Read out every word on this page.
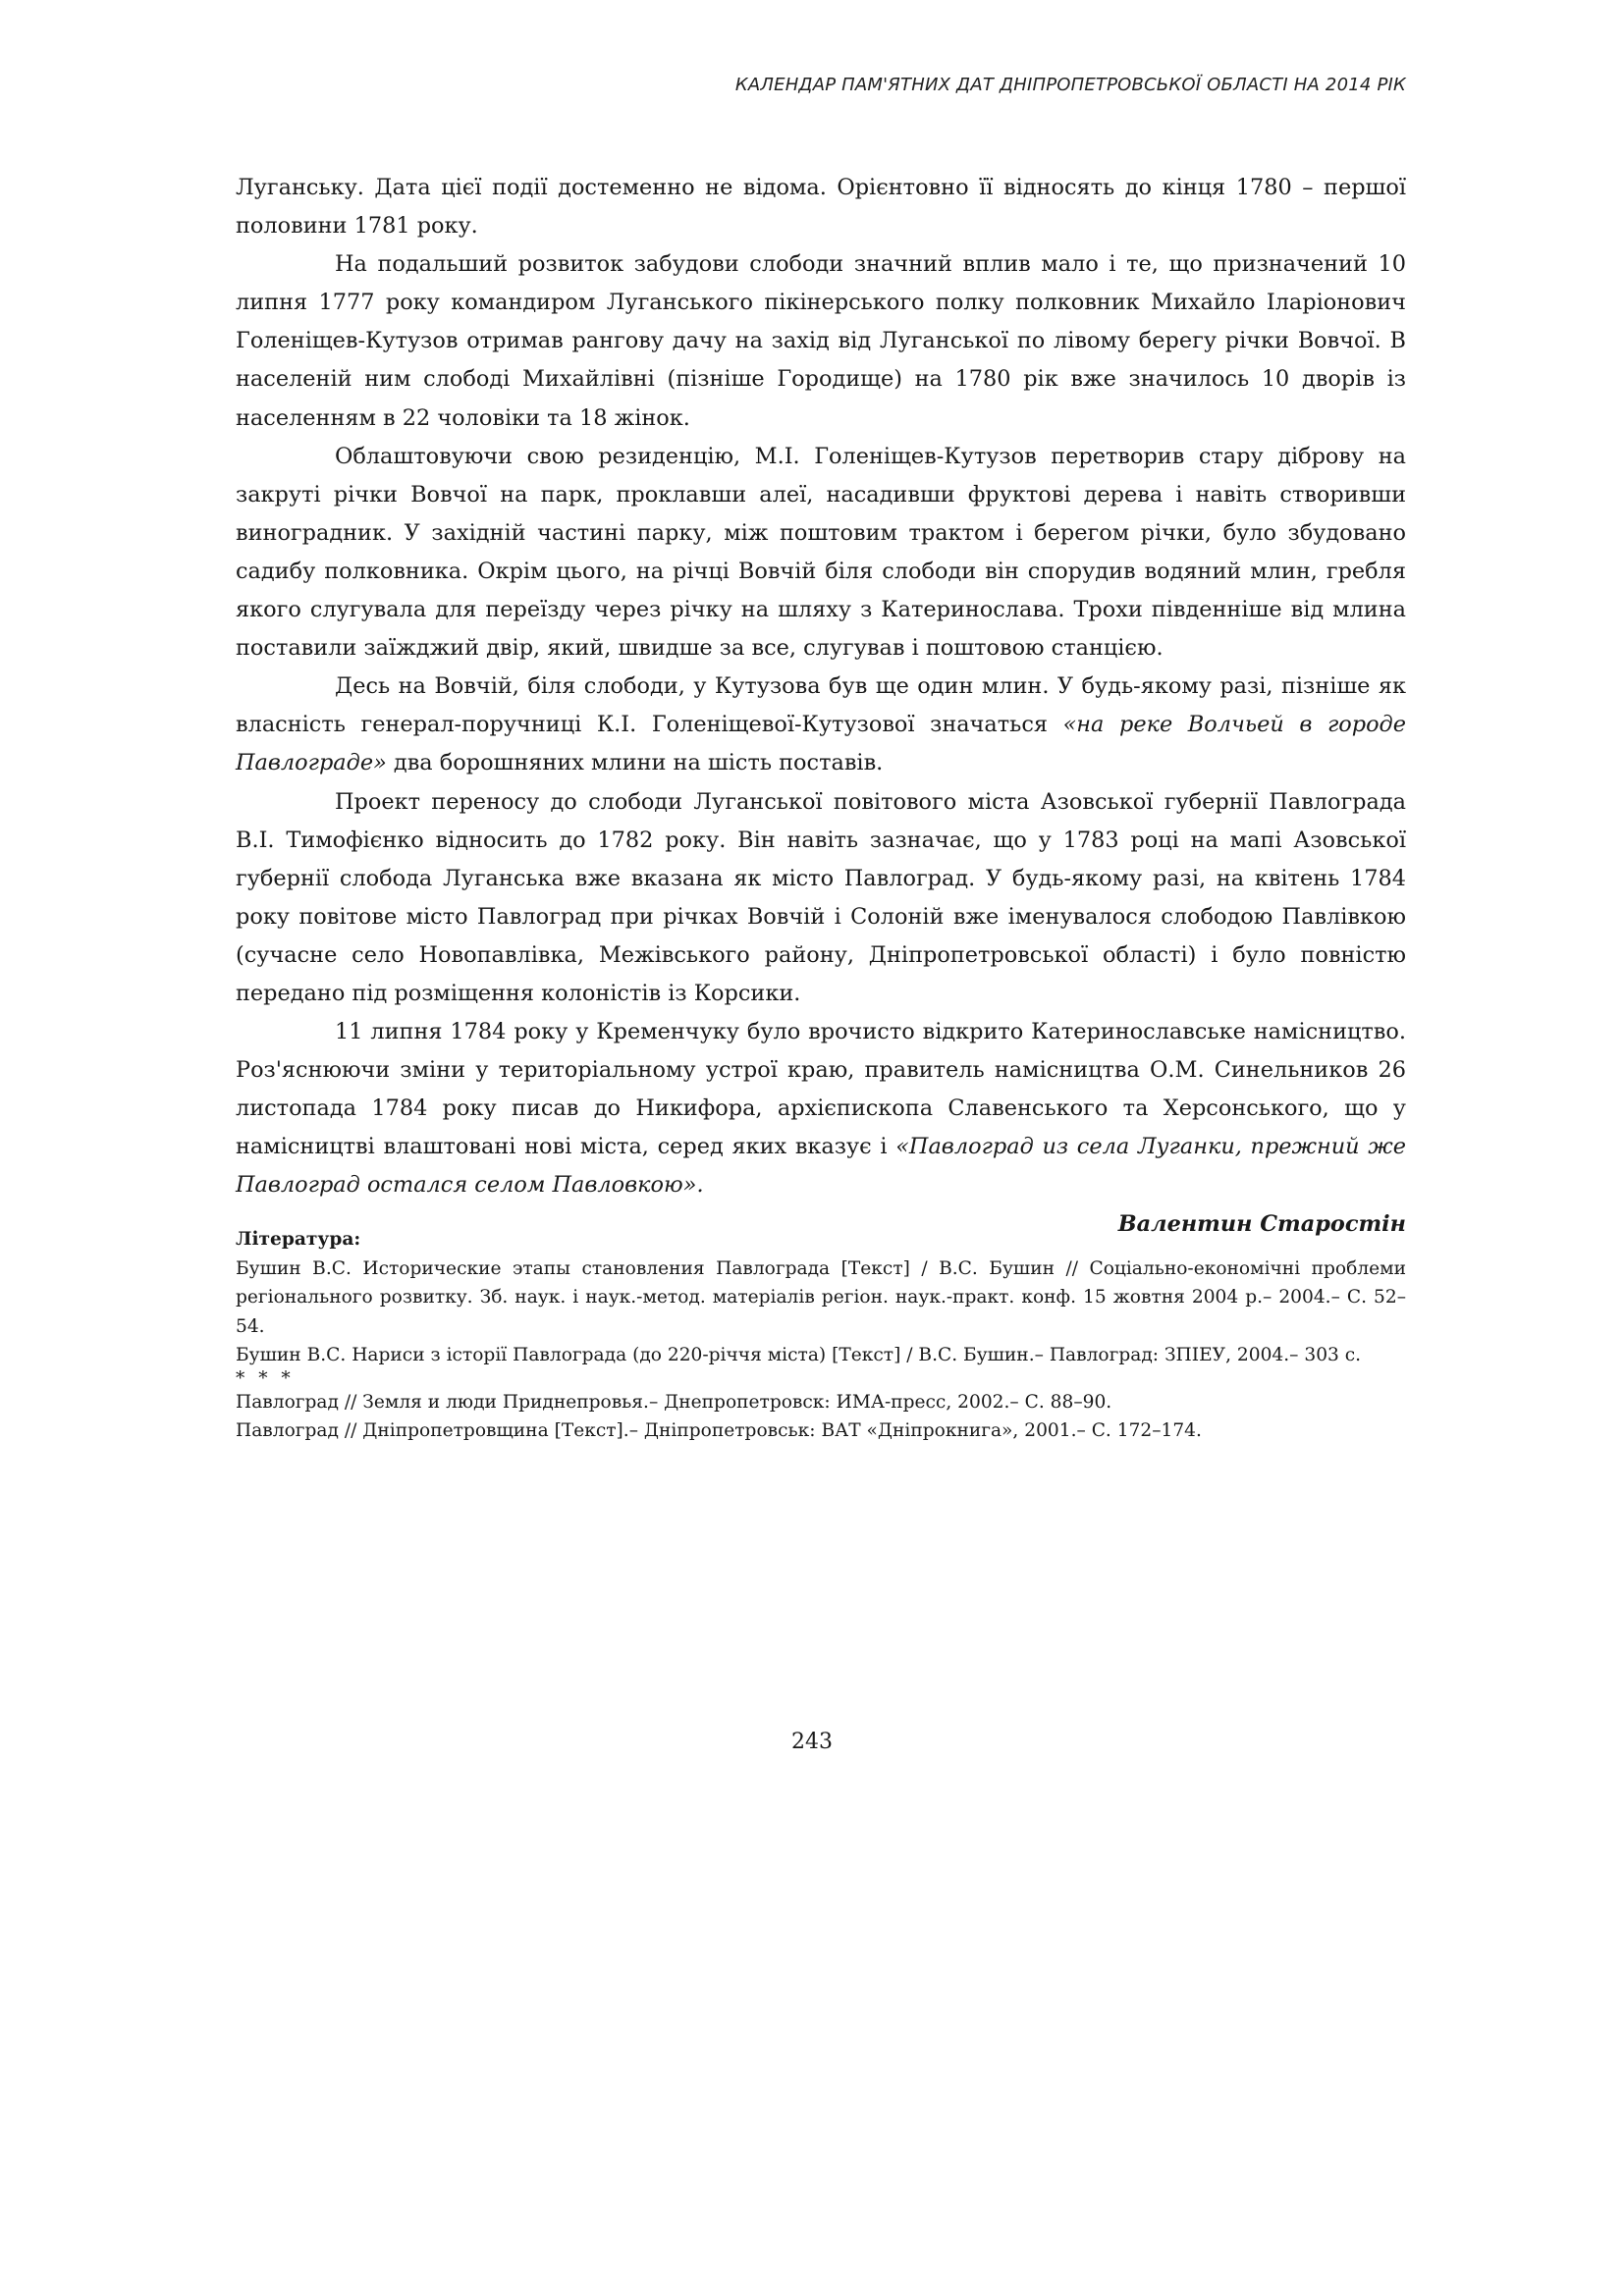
КАЛЕНДАР ПАМ'ЯТНИХ ДАТ ДНІПРОПЕТРОВСЬКОЇ ОБЛАСТІ НА 2014 РІК

Луганську. Дата цієї події достеменно не відома. Орієнтовно її відносять до кінця 1780 – першої половини 1781 року.

На подальший розвиток забудови слободи значний вплив мало і те, що призначений 10 липня 1777 року командиром Луганського пікінерського полку полковник Михайло Іларіонович Голеніщев-Кутузов отримав рангову дачу на захід від Луганської по лівому берегу річки Вовчої. В населеній ним слободі Михайлівні (пізніше Городище) на 1780 рік вже значилось 10 дворів із населенням в 22 чоловіки та 18 жінок.

Облаштовуючи свою резиденцію, М.І. Голеніщев-Кутузов перетворив стару діброву на закруті річки Вовчої на парк, проклавши алеї, насадивши фруктові дерева і навіть створивши виноградник. У західній частині парку, між поштовим трактом і берегом річки, було збудовано садибу полковника. Окрім цього, на річці Вовчій біля слободи він спорудив водяний млин, гребля якого слугувала для переїзду через річку на шляху з Катеринослава. Трохи південніше від млина поставили заїжджий двір, який, швидше за все, слугував і поштовою станцією.

Десь на Вовчій, біля слободи, у Кутузова був ще один млин. У будь-якому разі, пізніше як власність генерал-поручниці К.І. Голеніщевої-Кутузової значаться «на реке Волчьей в городе Павлограде» два борошняних млини на шість поставів.

Проект переносу до слободи Луганської повітового міста Азовської губернії Павлограда В.І. Тимофієнко відносить до 1782 року. Він навіть зазначає, що у 1783 році на мапі Азовської губернії слобода Луганська вже вказана як місто Павлоград. У будь-якому разі, на квітень 1784 року повітове місто Павлоград при річках Вовчій і Солоній вже іменувалося слободою Павлівкою (сучасне село Новопавлівка, Межівського району, Дніпропетровської області) і було повністю передано під розміщення колоністів із Корсики.

11 липня 1784 року у Кременчуку було врочисто відкрито Катеринославське намісництво. Роз'яснюючи зміни у територіальному устрої краю, правитель намісництва О.М. Синельников 26 листопада 1784 року писав до Никифора, архієпископа Славенського та Херсонського, що у намісництві влаштовані нові міста, серед яких вказує і «Павлоград из села Луганки, прежний же Павлоград остался селом Павловкою».

Валентин Старостін

Література:

Бушин В.С. Исторические этапы становления Павлограда [Текст] / В.С. Бушин // Соціально-економічні проблеми регіонального розвитку. Зб. наук. і наук.-метод. матеріалів регіон. наук.-практ. конф. 15 жовтня 2004 р.– 2004.– С. 52–54.

Бушин В.С. Нариси з історії Павлограда (до 220-річчя міста) [Текст] / В.С. Бушин.– Павлоград: ЗПІЕУ, 2004.– 303 с.

* * *

Павлоград // Земля и люди Приднепровья.– Днепропетровск: ИМА-пресс, 2002.– С. 88–90.

Павлоград // Дніпропетровщина [Текст].– Дніпропетровськ: ВАТ «Дніпрокнига», 2001.– С. 172–174.

243
